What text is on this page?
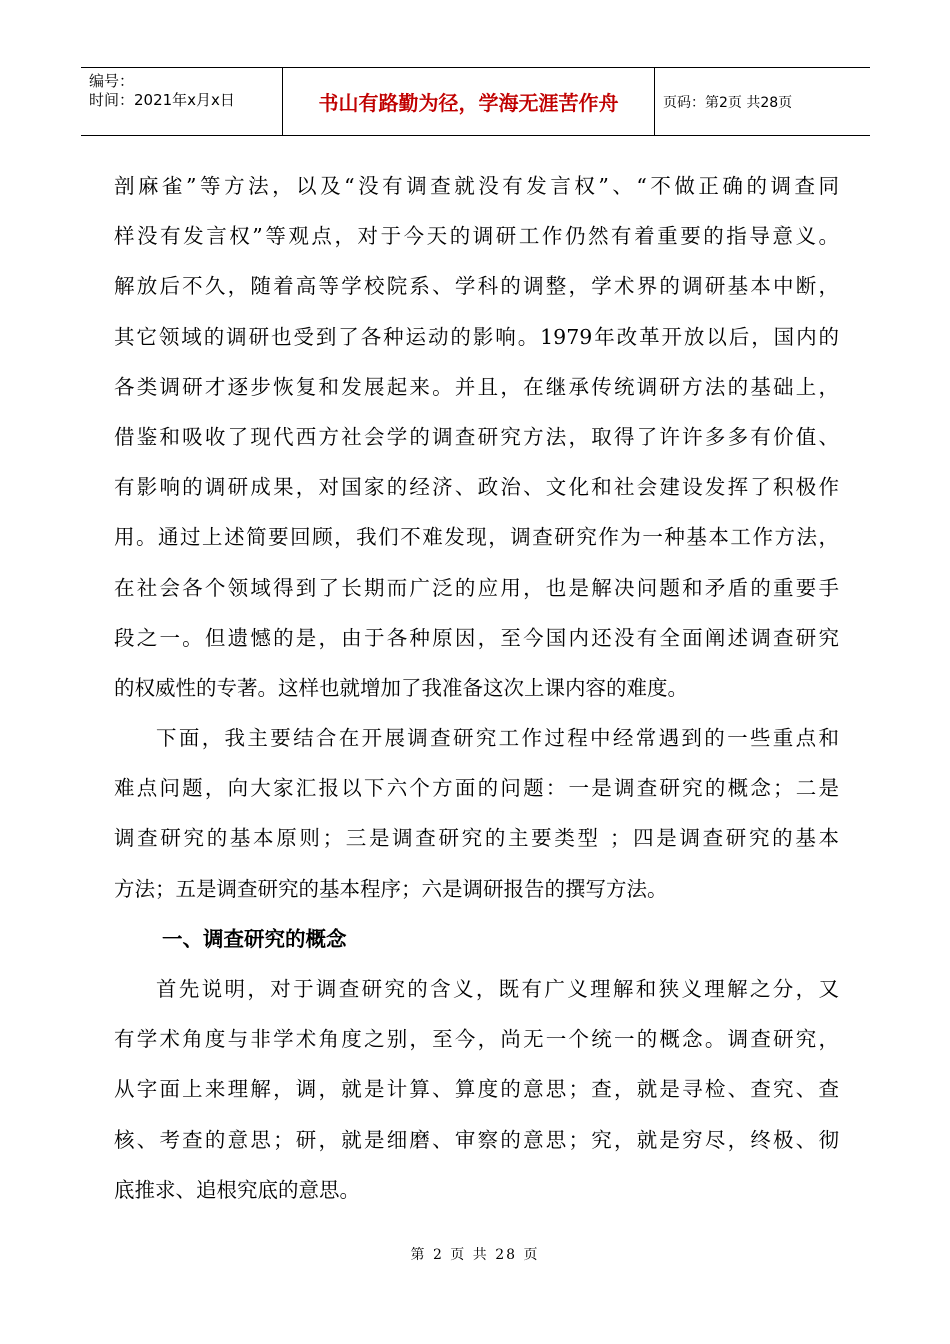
编号：
时间：2021年x月x日	书山有路勤为径，学海无涯苦作舟	页码：第2页 共28页
剖麻雀”等方法，以及“没有调查就没有发言权”、“不做正确的调查同
样没有发言权”等观点，对于今天的调研工作仍然有着重要的指导意义。
解放后不久，随着高等学校院系、学科的调整，学术界的调研基本中断，
其它领域的调研也受到了各种运动的影响。1979年改革开放以后，国内的
各类调研才逐步恢复和发展起来。并且，在继承传统调研方法的基础上，
借鉴和吸收了现代西方社会学的调查研究方法，取得了许许多多有价值、
有影响的调研成果，对国家的经济、政治、文化和社会建设发挥了积极作
用。通过上述简要回顾，我们不难发现，调查研究作为一种基本工作方法，
在社会各个领域得到了长期而广泛的应用，也是解决问题和矛盾的重要手
段之一。但遗憾的是，由于各种原因，至今国内还没有全面阐述调查研究
的权威性的专著。这样也就增加了我准备这次上课内容的难度。
下面，我主要结合在开展调查研究工作过程中经常遇到的一些重点和
难点问题，向大家汇报以下六个方面的问题：一是调查研究的概念；二是
调查研究的基本原则；三是调查研究的主要类型 ；四是调查研究的基本
方法；五是调查研究的基本程序；六是调研报告的撰写方法。
一、调查研究的概念
首先说明，对于调查研究的含义，既有广义理解和狭义理解之分，又
有学术角度与非学术角度之别，至今，尚无一个统一的概念。调查研究，
从字面上来理解，调，就是计算、算度的意思；查，就是寻检、查究、查
核、考查的意思；研，就是细磨、审察的意思；究，就是穷尽，终极、彻
底推求、追根究底的意思。
第 2 页 共 28 页
